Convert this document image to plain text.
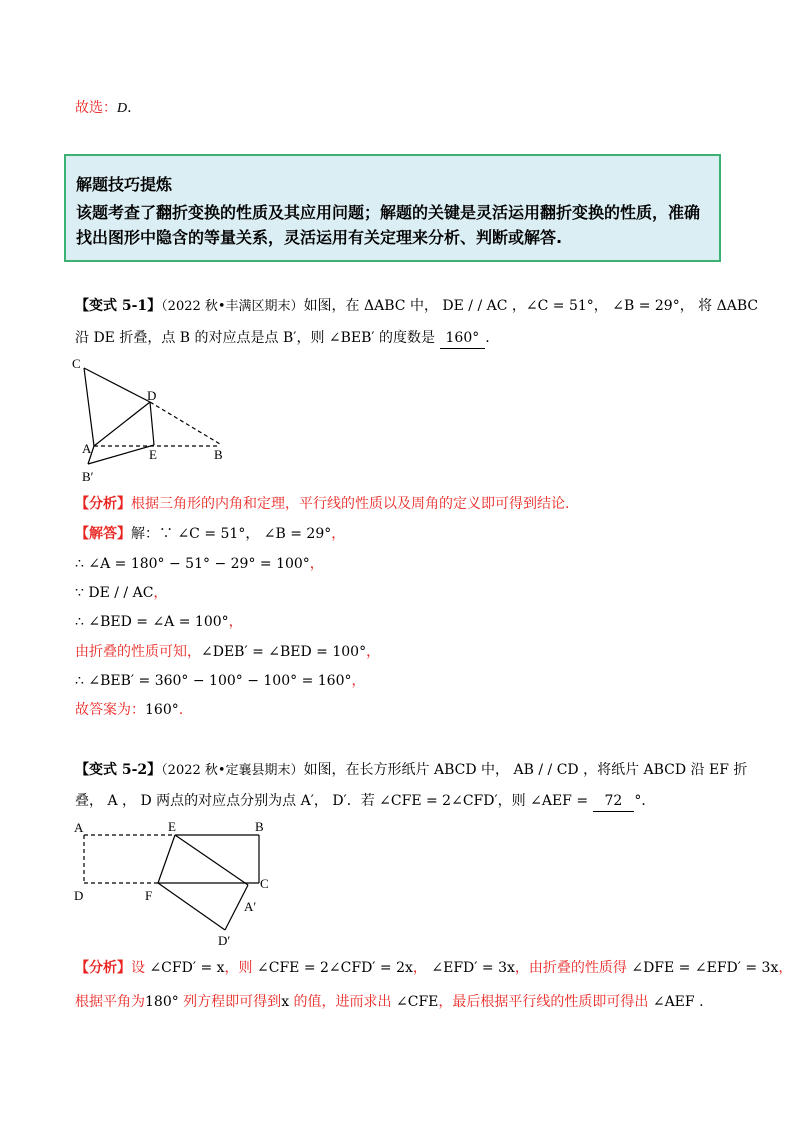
故选：D.
解题技巧提炼
该题考查了翻折变换的性质及其应用问题；解题的关键是灵活运用翻折变换的性质，准确找出图形中隐含的等量关系，灵活运用有关定理来分析、判断或解答.
【变式 5-1】（2022 秋•丰满区期末）如图，在 ΔABC 中， DE / / AC ，∠C = 51°， ∠B = 29°， 将 ΔABC
沿 DE 折叠，点 B 的对应点是点 B′，则 ∠BEB′ 的度数是 160° .
C
D
A	E	B
B′
【分析】根据三角形的内角和定理，平行线的性质以及周角的定义即可得到结论.
【解答】解：∵ ∠C = 51°， ∠B = 29°，
∴ ∠A = 180° − 51° − 29° = 100°，
∵ DE / / AC，
∴ ∠BED = ∠A = 100°，
由折叠的性质可知，∠DEB′ = ∠BED = 100°，
∴ ∠BEB′ = 360° − 100° − 100° = 160°，
故答案为：160°.
【变式 5-2】（2022 秋•定襄县期末）如图，在长方形纸片 ABCD 中， AB / / CD ，将纸片 ABCD 沿 EF 折
叠， A ， D 两点的对应点分别为点 A′， D′．若 ∠CFE = 2∠CFD′，则 ∠AEF = 72 °．
A	E	B
D	F
C
A′
D′
【分析】设 ∠CFD′ = x，则 ∠CFE = 2∠CFD′ = 2x， ∠EFD′ = 3x，由折叠的性质得 ∠DFE = ∠EFD′ = 3x，
根据平角为180° 列方程即可得到x 的值，进而求出 ∠CFE，最后根据平行线的性质即可得出 ∠AEF .
